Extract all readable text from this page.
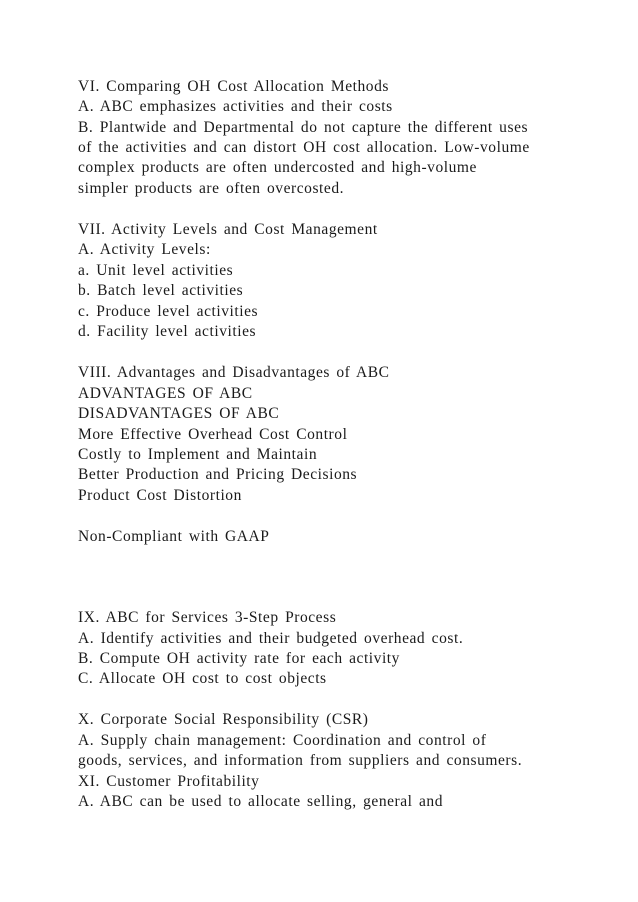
VI. Comparing OH Cost Allocation Methods
A. ABC emphasizes activities and their costs
B. Plantwide and Departmental do not capture the different uses
of the activities and can distort OH cost allocation. Low-volume
complex products are often undercosted and high-volume
simpler products are often overcosted.
VII. Activity Levels and Cost Management
A. Activity Levels:
a. Unit level activities
b. Batch level activities
c. Produce level activities
d. Facility level activities
VIII. Advantages and Disadvantages of ABC
ADVANTAGES OF ABC
DISADVANTAGES OF ABC
More Effective Overhead Cost Control
Costly to Implement and Maintain
Better Production and Pricing Decisions
Product Cost Distortion
Non-Compliant with GAAP
IX. ABC for Services 3-Step Process
A. Identify activities and their budgeted overhead cost.
B. Compute OH activity rate for each activity
C. Allocate OH cost to cost objects
X. Corporate Social Responsibility (CSR)
A. Supply chain management: Coordination and control of
goods, services, and information from suppliers and consumers.
XI. Customer Profitability
A. ABC can be used to allocate selling, general and
